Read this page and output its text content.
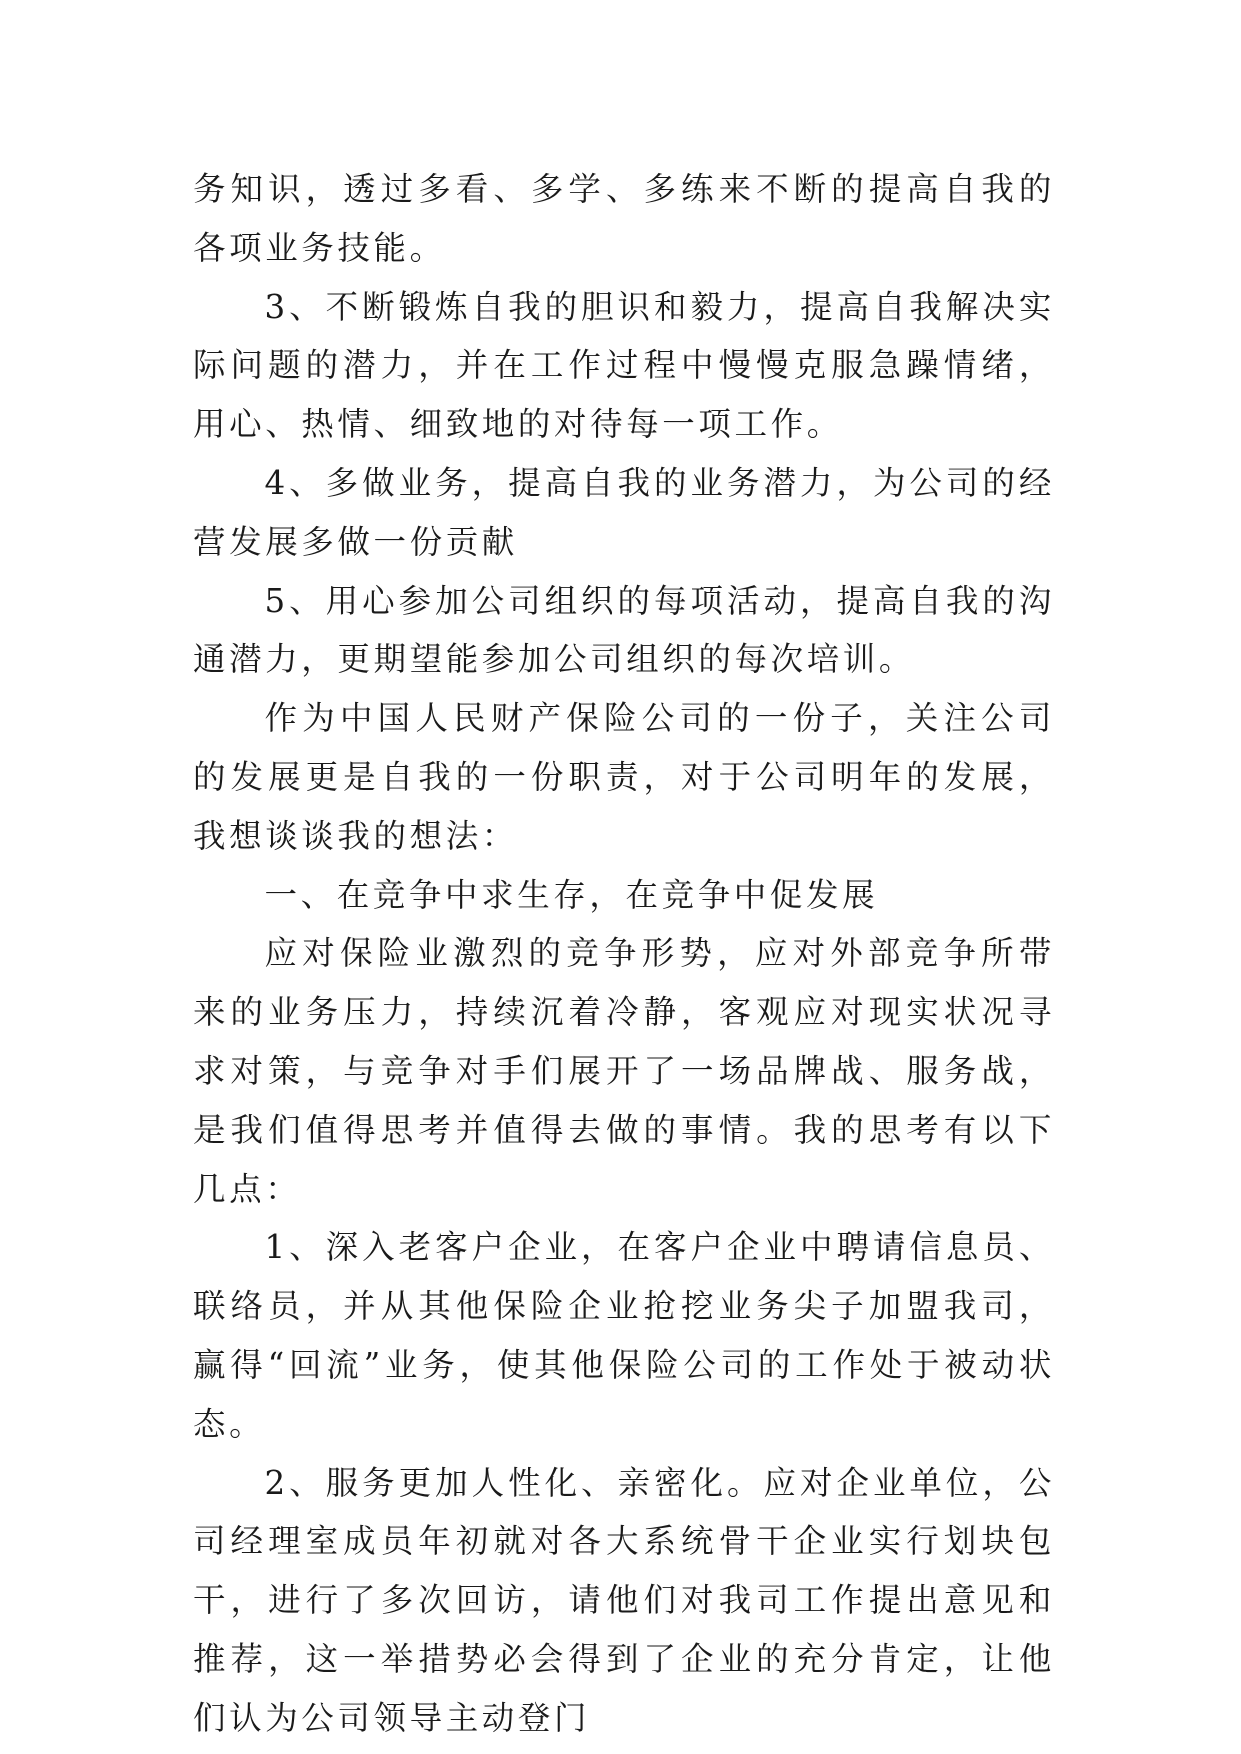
务知识，透过多看、多学、多练来不断的提高自我的各项业务技能。

3、不断锻炼自我的胆识和毅力，提高自我解决实际问题的潜力，并在工作过程中慢慢克服急躁情绪，用心、热情、细致地的对待每一项工作。

4、多做业务，提高自我的业务潜力，为公司的经营发展多做一份贡献

5、用心参加公司组织的每项活动，提高自我的沟通潜力，更期望能参加公司组织的每次培训。

作为中国人民财产保险公司的一份子，关注公司的发展更是自我的一份职责，对于公司明年的发展，我想谈谈我的想法：

一、在竞争中求生存，在竞争中促发展

应对保险业激烈的竞争形势，应对外部竞争所带来的业务压力，持续沉着冷静，客观应对现实状况寻求对策，与竞争对手们展开了一场品牌战、服务战，是我们值得思考并值得去做的事情。我的思考有以下几点：

1、深入老客户企业，在客户企业中聘请信息员、联络员，并从其他保险企业抢挖业务尖子加盟我司，赢得“回流”业务，使其他保险公司的工作处于被动状态。

2、服务更加人性化、亲密化。应对企业单位，公司经理室成员年初就对各大系统骨干企业实行划块包干，进行了多次回访，请他们对我司工作提出意见和推荐，这一举措势必会得到了企业的充分肯定，让他们认为公司领导主动登门
